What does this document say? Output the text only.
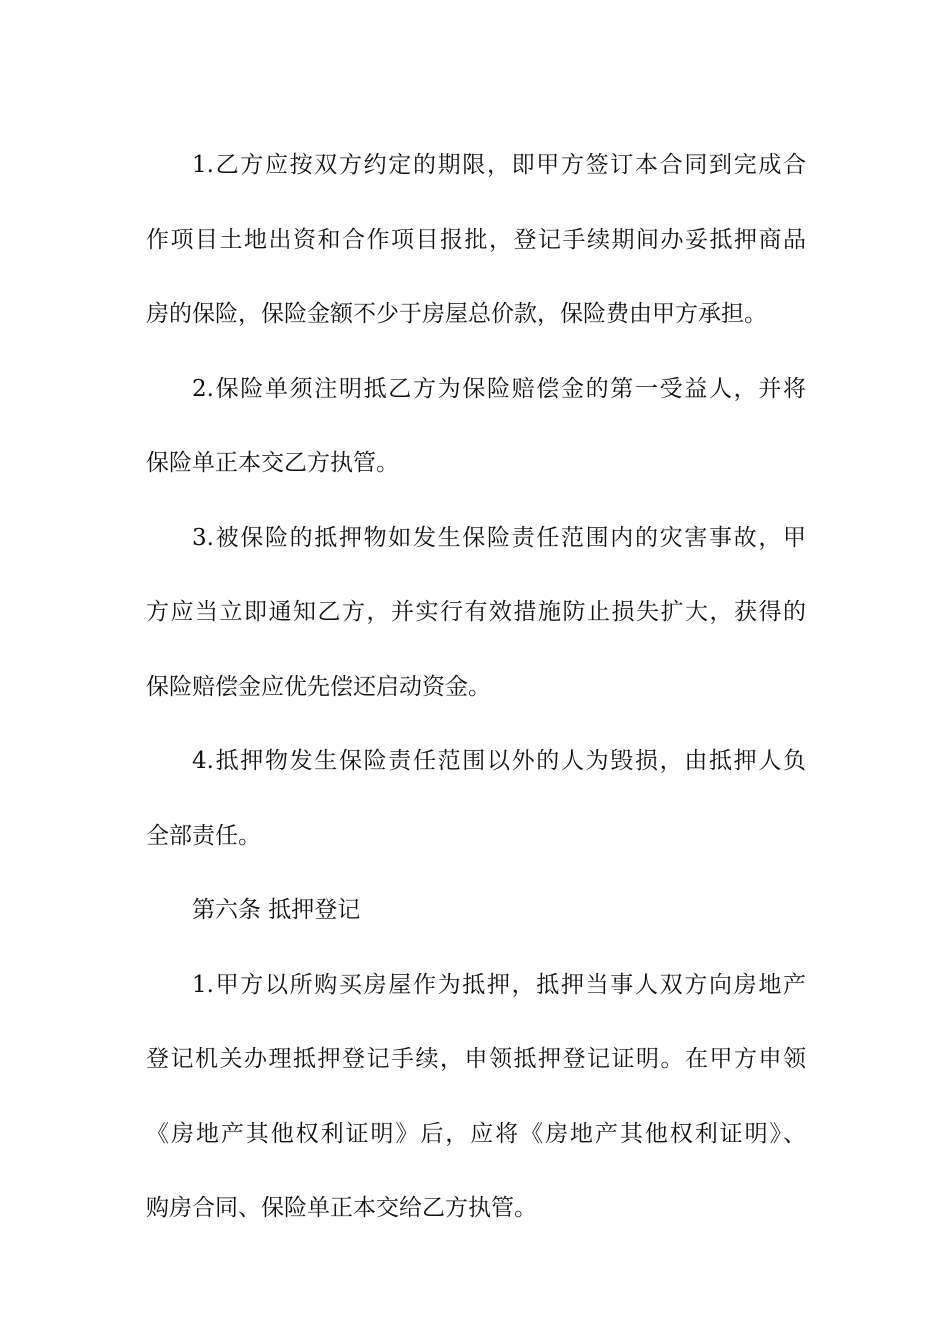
1.乙方应按双方约定的期限，即甲方签订本合同到完成合
作项目土地出资和合作项目报批，登记手续期间办妥抵押商品
房的保险，保险金额不少于房屋总价款，保险费由甲方承担。

2.保险单须注明抵乙方为保险赔偿金的第一受益人，并将
保险单正本交乙方执管。

3.被保险的抵押物如发生保险责任范围内的灾害事故，甲
方应当立即通知乙方，并实行有效措施防止损失扩大，获得的
保险赔偿金应优先偿还启动资金。

4.抵押物发生保险责任范围以外的人为毁损，由抵押人负
全部责任。

第六条 抵押登记

1.甲方以所购买房屋作为抵押，抵押当事人双方向房地产
登记机关办理抵押登记手续，申领抵押登记证明。在甲方申领
《房地产其他权利证明》后，应将《房地产其他权利证明》、
购房合同、保险单正本交给乙方执管。
